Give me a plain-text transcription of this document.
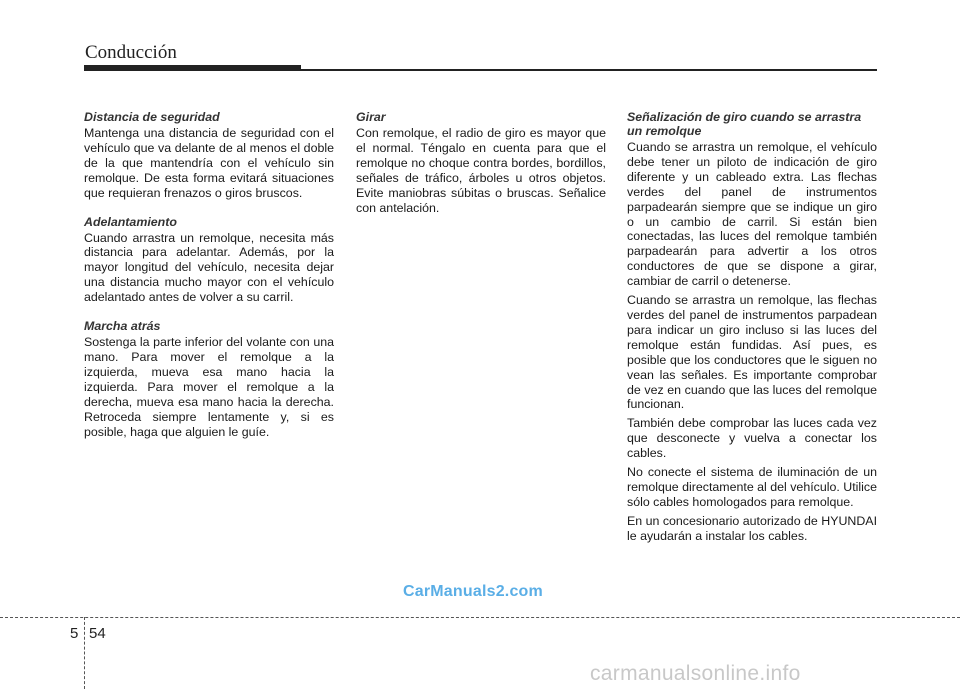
Conducción
Distancia de seguridad

Mantenga una distancia de seguridad con el vehículo que va delante de al menos el doble de la que mantendría con el vehículo sin remolque. De esta forma evitará situaciones que requieran frenazos o giros bruscos.

Adelantamiento

Cuando arrastra un remolque, necesita más distancia para adelantar. Además, por la mayor longitud del vehículo, necesita dejar una distancia mucho mayor con el vehículo adelantado antes de volver a su carril.

Marcha atrás

Sostenga la parte inferior del volante con una mano. Para mover el remolque a la izquierda, mueva esa mano hacia la izquierda. Para mover el remolque a la derecha, mueva esa mano hacia la derecha. Retroceda siempre lentamente y, si es posible, haga que alguien le guíe.

Girar

Con remolque, el radio de giro es mayor que el normal. Téngalo en cuenta para que el remolque no choque contra bordes, bordillos, señales de tráfico, árboles u otros objetos. Evite maniobras súbitas o bruscas. Señalice con antelación.

Señalización de giro cuando se arrastra un remolque

Cuando se arrastra un remolque, el vehículo debe tener un piloto de indicación de giro diferente y un cableado extra. Las flechas verdes del panel de instrumentos parpadearán siempre que se indique un giro o un cambio de carril. Si están bien conectadas, las luces del remolque también parpadearán para advertir a los otros conductores de que se dispone a girar, cambiar de carril o detenerse.

Cuando se arrastra un remolque, las flechas verdes del panel de instrumentos parpadean para indicar un giro incluso si las luces del remolque están fundidas. Así pues, es posible que los conductores que le siguen no vean las señales. Es importante comprobar de vez en cuando que las luces del remolque funcionan.

También debe comprobar las luces cada vez que desconecte y vuelva a conectar los cables.

No conecte el sistema de iluminación de un remolque directamente al del vehículo. Utilice sólo cables homologados para remolque.

En un concesionario autorizado de HYUNDAI le ayudarán a instalar los cables.

CarManuals2.com
5 54
carmanualsonline.info
